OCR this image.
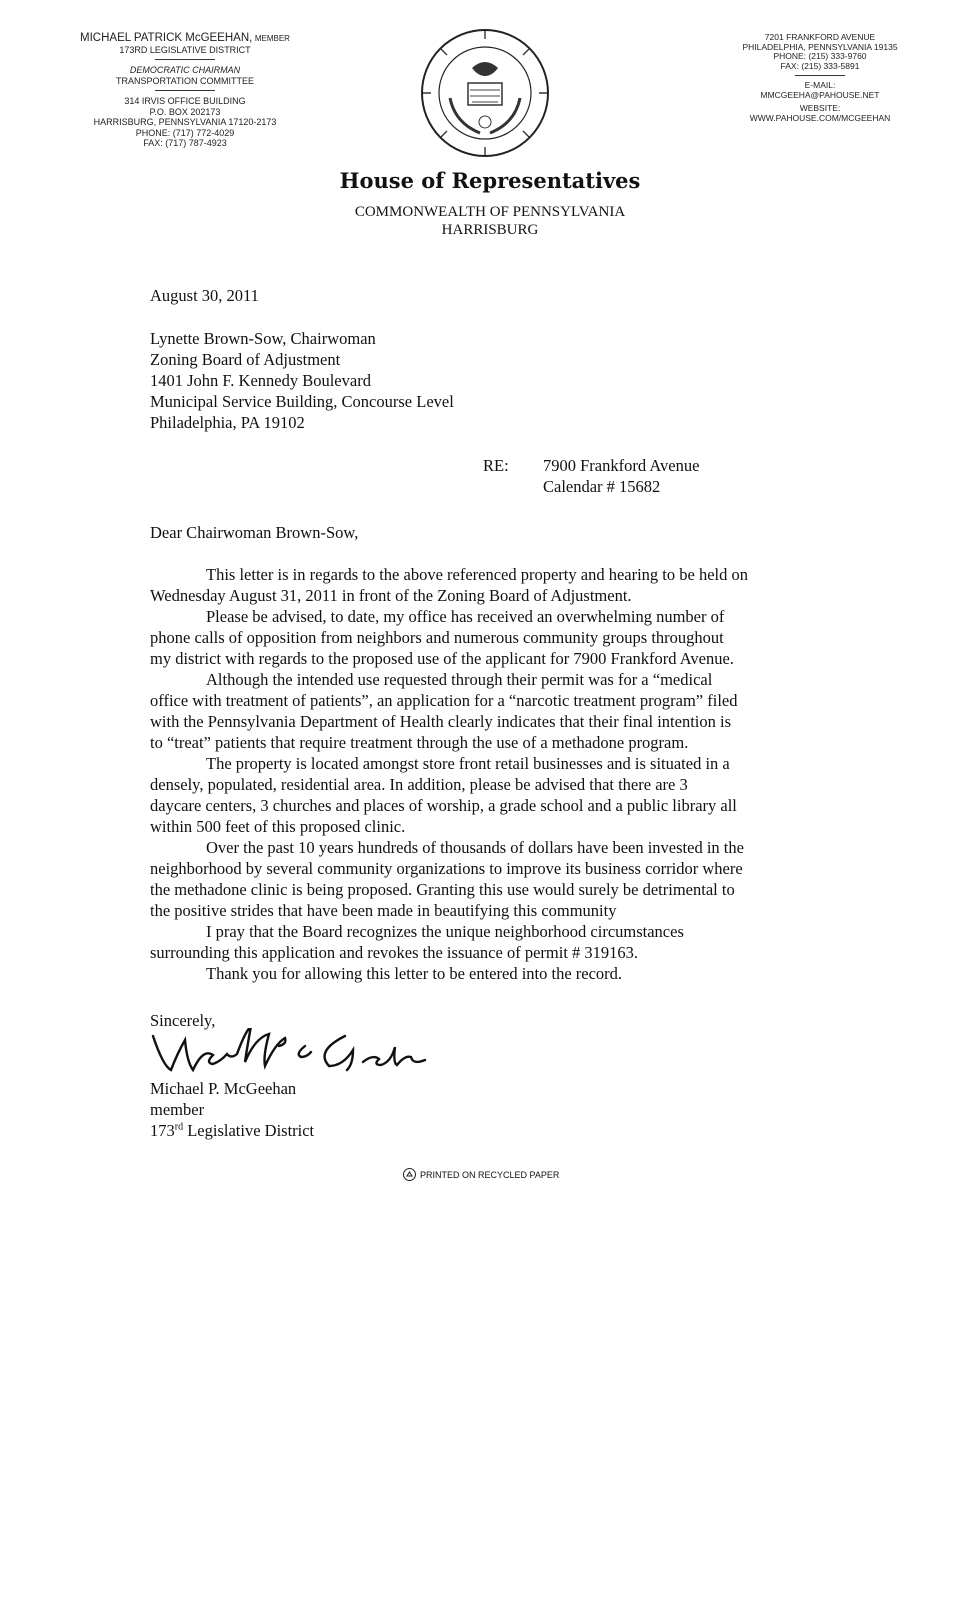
MICHAEL PATRICK McGEEHAN, MEMBER
173RD LEGISLATIVE DISTRICT
DEMOCRATIC CHAIRMAN
TRANSPORTATION COMMITTEE
314 IRVIS OFFICE BUILDING
P.O. BOX 202173
HARRISBURG, PENNSYLVANIA 17120-2173
PHONE: (717) 772-4029
FAX: (717) 787-4923
7201 FRANKFORD AVENUE
PHILADELPHIA, PENNSYLVANIA 19135
PHONE: (215) 333-9760
FAX: (215) 333-5891
E-MAIL:
MMCGEEHA@PAHOUSE.NET
WEBSITE:
WWW.PAHOUSE.COM/MCGEEHAN
House of Representatives
COMMONWEALTH OF PENNSYLVANIA
HARRISBURG
August 30, 2011
Lynette Brown-Sow, Chairwoman
Zoning Board of Adjustment
1401 John F. Kennedy Boulevard
Municipal Service Building, Concourse Level
Philadelphia, PA 19102
RE: 7900 Frankford Avenue
Calendar # 15682
Dear Chairwoman Brown-Sow,
This letter is in regards to the above referenced property and hearing to be held on
Wednesday August 31, 2011 in front of the Zoning Board of Adjustment.
Please be advised, to date, my office has received an overwhelming number of
phone calls of opposition from neighbors and numerous community groups throughout
my district with regards to the proposed use of the applicant for 7900 Frankford Avenue.
Although the intended use requested through their permit was for a “medical
office with treatment of patients”, an application for a “narcotic treatment program” filed
with the Pennsylvania Department of Health clearly indicates that their final intention is
to “treat” patients that require treatment through the use of a methadone program.
The property is located amongst store front retail businesses and is situated in a
densely, populated, residential area. In addition, please be advised that there are 3
daycare centers, 3 churches and places of worship, a grade school and a public library all
within 500 feet of this proposed clinic.
Over the past 10 years hundreds of thousands of dollars have been invested in the
neighborhood by several community organizations to improve its business corridor where
the methadone clinic is being proposed. Granting this use would surely be detrimental to
the positive strides that have been made in beautifying this community
I pray that the Board recognizes the unique neighborhood circumstances
surrounding this application and revokes the issuance of permit # 319163.
Thank you for allowing this letter to be entered into the record.
Sincerely,
Michael P. McGeehan
member
173rd Legislative District
PRINTED ON RECYCLED PAPER
